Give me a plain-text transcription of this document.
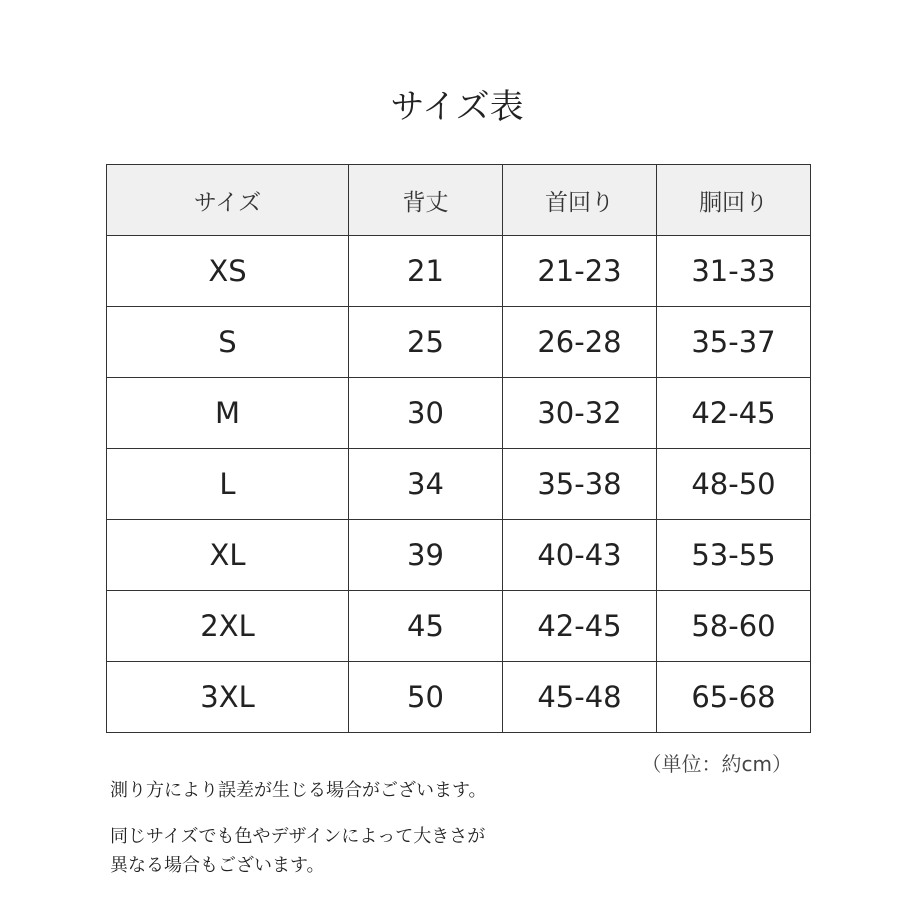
サイズ表
サイズ	背丈	首回り	胴回り
XS	21	21-23	31-33
S	25	26-28	35-37
M	30	30-32	42-45
L	34	35-38	48-50
XL	39	40-43	53-55
2XL	45	42-45	58-60
3XL	50	45-48	65-68
（単位：約cm）

測り方により誤差が生じる場合がございます。

同じサイズでも色やデザインによって大きさが

異なる場合もございます。
